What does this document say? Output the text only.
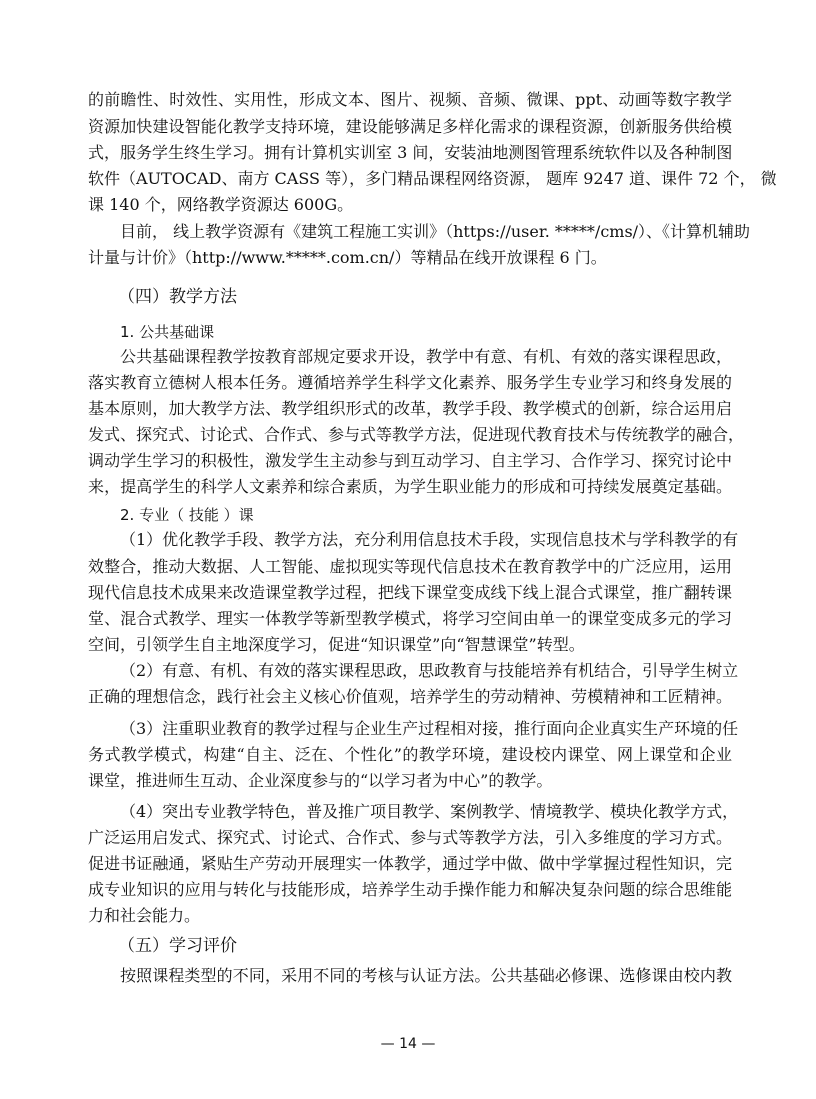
的前瞻性、时效性、实用性，形成文本、图片、视频、音频、微课、ppt、动画等数字教学
资源加快建设智能化教学支持环境，建设能够满足多样化需求的课程资源，创新服务供给模
式，服务学生终生学习。拥有计算机实训室 3 间，安装油地测图管理系统软件以及各种制图
软件（AUTOCAD、南方 CASS 等），多门精品课程网络资源， 题库 9247 道、课件 72 个， 微
课 140 个，网络教学资源达 600G。
目前， 线上教学资源有《建筑工程施工实训》（https://user. *****/cms/）、《计算机辅助
计量与计价》（http://www.*****.com.cn/）等精品在线开放课程 6 门。
（四）教学方法
1. 公共基础课
公共基础课程教学按教育部规定要求开设，教学中有意、有机、有效的落实课程思政，
落实教育立德树人根本任务。遵循培养学生科学文化素养、服务学生专业学习和终身发展的
基本原则，加大教学方法、教学组织形式的改革，教学手段、教学模式的创新，综合运用启
发式、探究式、讨论式、合作式、参与式等教学方法，促进现代教育技术与传统教学的融合，
调动学生学习的积极性，激发学生主动参与到互动学习、自主学习、合作学习、探究讨论中
来，提高学生的科学人文素养和综合素质，为学生职业能力的形成和可持续发展奠定基础。
2. 专业（ 技能 ）课
（1）优化教学手段、教学方法，充分利用信息技术手段，实现信息技术与学科教学的有
效整合，推动大数据、人工智能、虚拟现实等现代信息技术在教育教学中的广泛应用，运用
现代信息技术成果来改造课堂教学过程，把线下课堂变成线下线上混合式课堂，推广翻转课
堂、混合式教学、理实一体教学等新型教学模式，将学习空间由单一的课堂变成多元的学习
空间，引领学生自主地深度学习，促进“知识课堂”向“智慧课堂”转型。
（2）有意、有机、有效的落实课程思政，思政教育与技能培养有机结合，引导学生树立
正确的理想信念，践行社会主义核心价值观，培养学生的劳动精神、劳模精神和工匠精神。
（3）注重职业教育的教学过程与企业生产过程相对接，推行面向企业真实生产环境的任
务式教学模式，构建“自主、泛在、个性化”的教学环境，建设校内课堂、网上课堂和企业
课堂，推进师生互动、企业深度参与的“以学习者为中心”的教学。
（4）突出专业教学特色，普及推广项目教学、案例教学、情境教学、模块化教学方式，
广泛运用启发式、探究式、讨论式、合作式、参与式等教学方法，引入多维度的学习方式。
促进书证融通，紧贴生产劳动开展理实一体教学，通过学中做、做中学掌握过程性知识，完
成专业知识的应用与转化与技能形成，培养学生动手操作能力和解决复杂问题的综合思维能
力和社会能力。
（五）学习评价
按照课程类型的不同，采用不同的考核与认证方法。公共基础必修课、选修课由校内教
— 14 —
